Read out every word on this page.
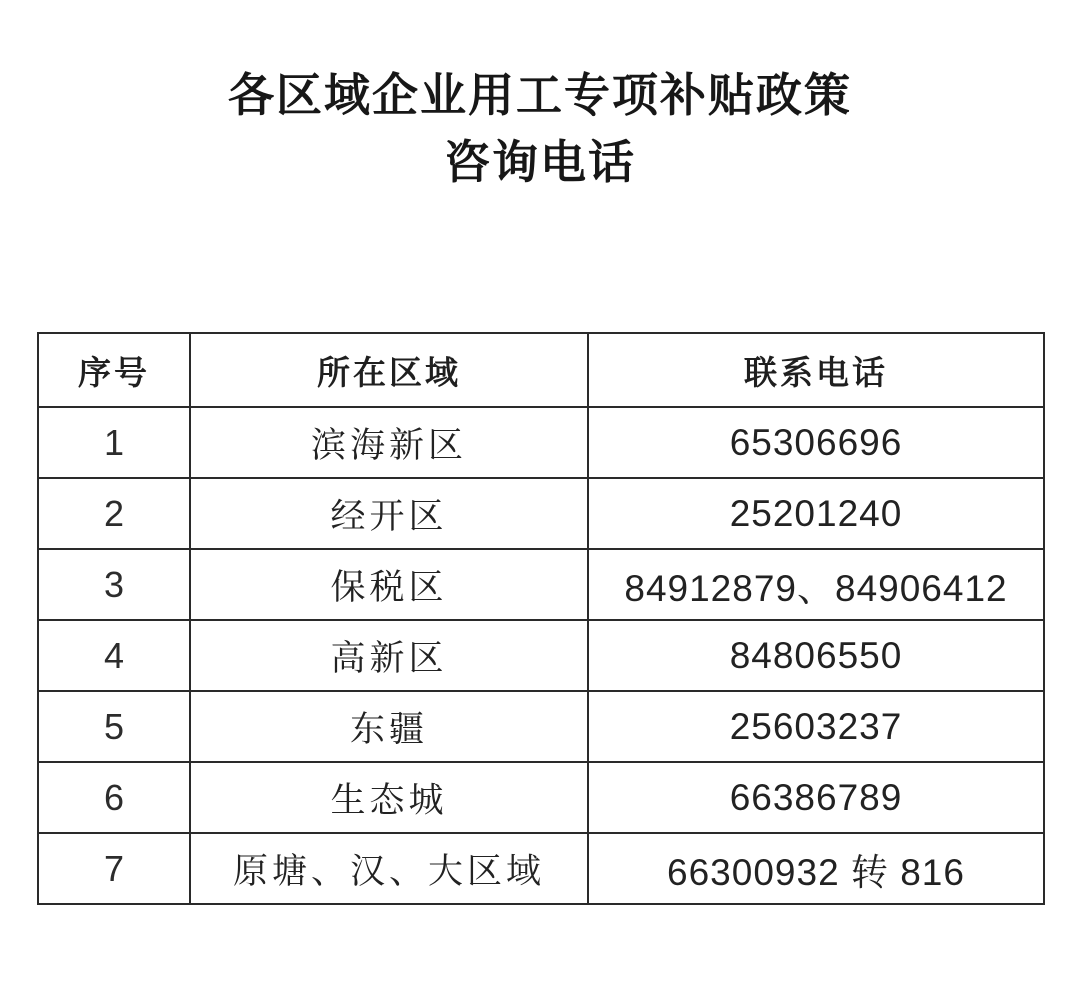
各区域企业用工专项补贴政策
咨询电话
序号	所在区域	联系电话
1	滨海新区	65306696
2	经开区	25201240
3	保税区	84912879、84906412
4	高新区	84806550
5	东疆	25603237
6	生态城	66386789
7	原塘、汉、大区域	66300932 转 816
